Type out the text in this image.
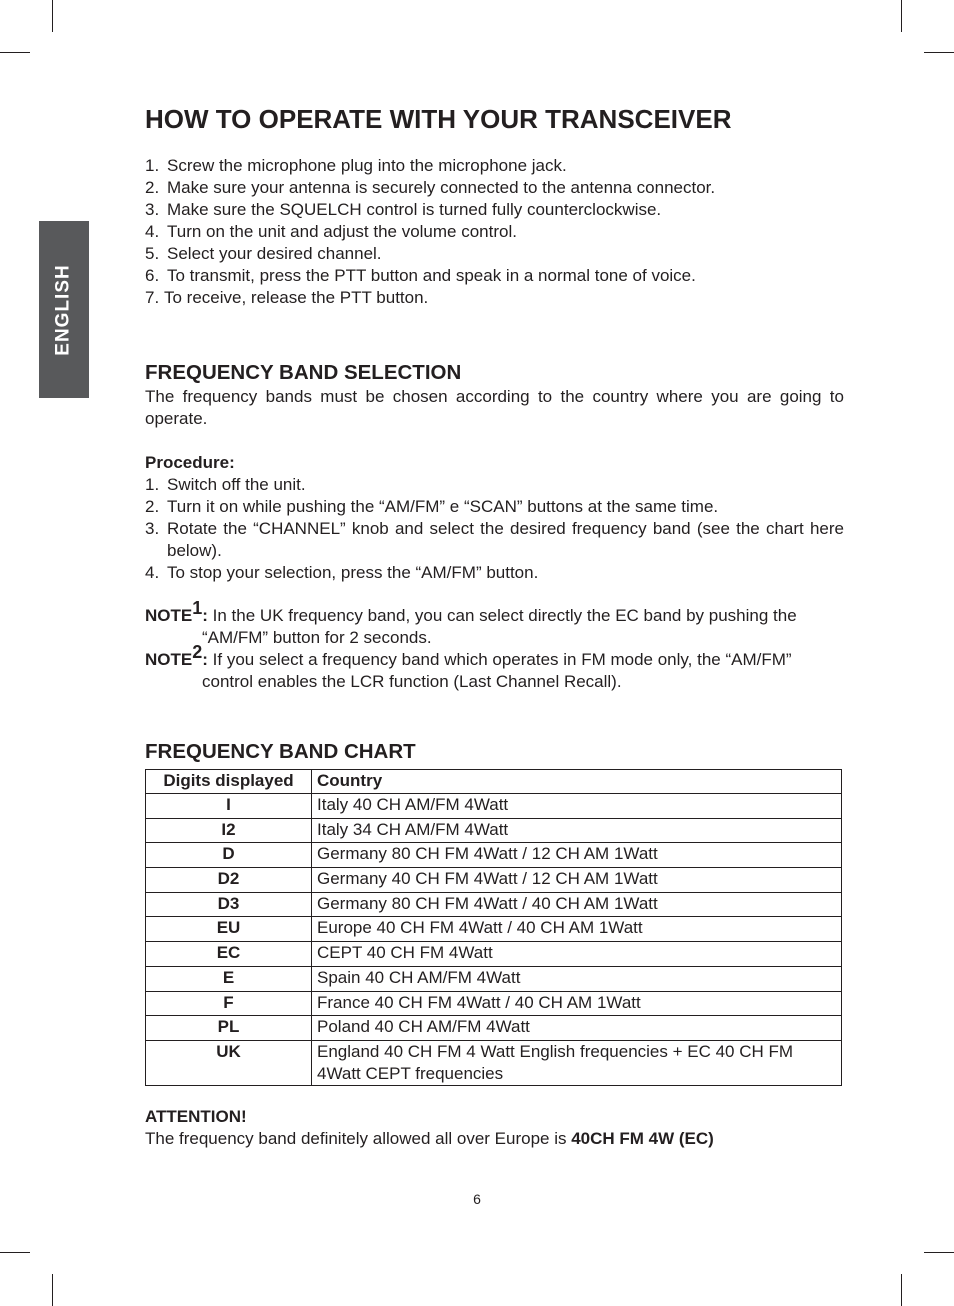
ENGLISH
HOW TO OPERATE WITH YOUR TRANSCEIVER
1. Screw the microphone plug into the microphone jack.
2. Make sure your antenna is securely connected to the antenna connector.
3. Make sure the SQUELCH control is turned fully counterclockwise.
4. Turn on the unit and adjust the volume control.
5. Select your desired channel.
6. To transmit, press the PTT button and speak in a normal tone of voice.
7. To receive, release the PTT button.
FREQUENCY BAND SELECTION

The frequency bands must be chosen according to the country where you are going to operate.

Procedure:

1. Switch off the unit.
2. Turn it on while pushing the “AM/FM” e “SCAN” buttons at the same time.
3. Rotate the “CHANNEL” knob and select the desired frequency band (see the chart here below).
4. To stop your selection, press the “AM/FM” button.
NOTE$^1$: In the UK frequency band, you can select directly the EC band by pushing the
“AM/FM” button for 2 seconds.
NOTE$^2$: If you select a frequency band which operates in FM mode only, the “AM/FM”
control enables the LCR function (Last Channel Recall).
FREQUENCY BAND CHART
Digits displayed	Country
I	Italy 40 CH AM/FM 4Watt
I2	Italy 34 CH AM/FM 4Watt
D	Germany 80 CH FM 4Watt / 12 CH AM 1Watt
D2	Germany 40 CH FM 4Watt / 12 CH AM 1Watt
D3	Germany 80 CH FM 4Watt / 40 CH AM 1Watt
EU	Europe 40 CH FM 4Watt / 40 CH AM 1Watt
EC	CEPT 40 CH FM 4Watt
E	Spain 40 CH AM/FM 4Watt
F	France 40 CH FM 4Watt / 40 CH AM 1Watt
PL	Poland 40 CH AM/FM 4Watt
UK	England 40 CH FM 4 Watt English frequencies + EC 40 CH FM 4Watt CEPT frequencies

ATTENTION!

The frequency band definitely allowed all over Europe is 40CH FM 4W (EC)

6
